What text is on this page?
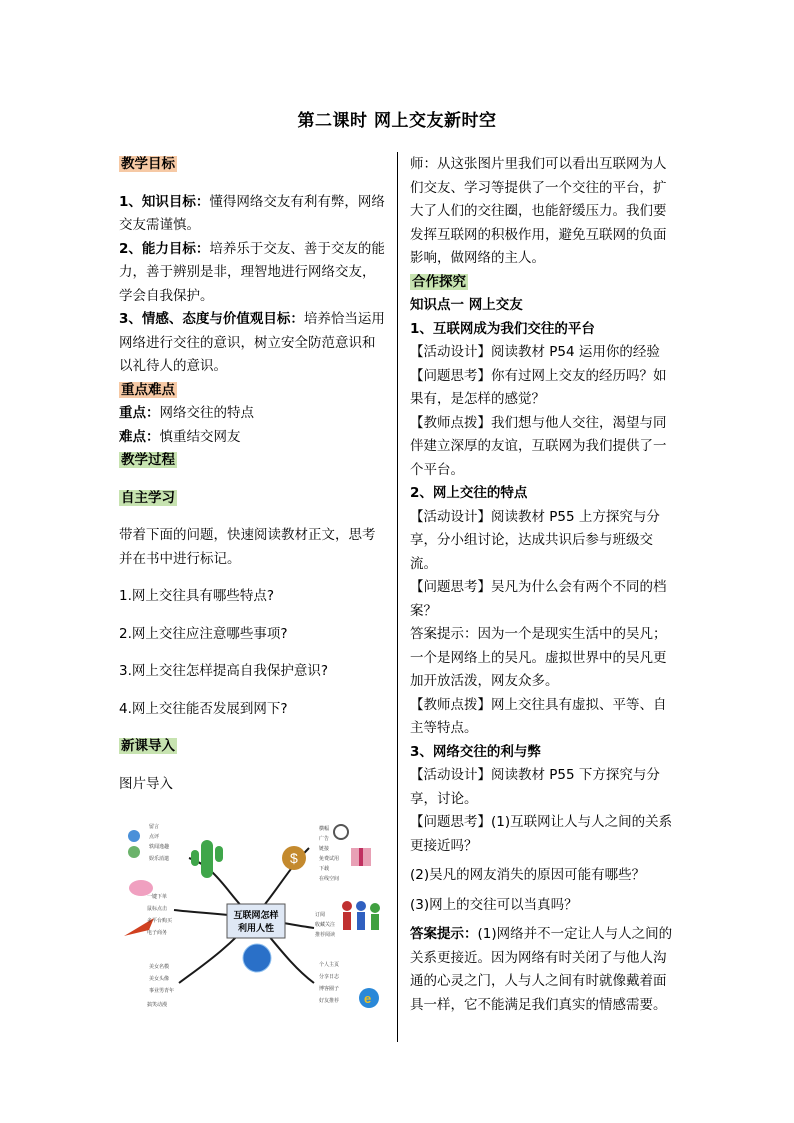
第二课时 网上交友新时空

教学目标

1、知识目标：懂得网络交友有利有弊，网络交友需谨慎。

2、能力目标：培养乐于交友、善于交友的能力，善于辨别是非，理智地进行网络交友，学会自我保护。

3、情感、态度与价值观目标：培养恰当运用网络进行交往的意识，树立安全防范意识和以礼待人的意识。

重点难点

重点：网络交往的特点

难点：慎重结交网友

教学过程

自主学习

带着下面的问题，快速阅读教材正文，思考并在书中进行标记。

1.网上交往具有哪些特点?

2.网上交往应注意哪些事项?

3.网上交往怎样提高自我保护意识?

4.网上交往能否发展到网下?

新课导入

图片导入

$
e
互联网怎样
利用人性
留言
点评
轶闻逸趣
娱乐消遣
一键下单
鼠标点击
多平台购买
电子商务
美女名模
美女头像
事业男青年
搞笑动漫
横幅
广告
链接
免费试用
下载
在线空间
订阅
收藏关注
推荐阅读
个人主页
分享日志
博客圈子
好友推荐

师：从这张图片里我们可以看出互联网为人们交友、学习等提供了一个交往的平台，扩大了人们的交往圈，也能舒缓压力。我们要发挥互联网的积极作用，避免互联网的负面影响，做网络的主人。

合作探究

知识点一 网上交友

1、互联网成为我们交往的平台

【活动设计】阅读教材 P54 运用你的经验

【问题思考】你有过网上交友的经历吗？如果有，是怎样的感觉？

【教师点拨】我们想与他人交往，渴望与同伴建立深厚的友谊，互联网为我们提供了一个平台。

2、网上交往的特点

【活动设计】阅读教材 P55 上方探究与分享，分小组讨论，达成共识后参与班级交流。

【问题思考】吴凡为什么会有两个不同的档案？

答案提示：因为一个是现实生活中的吴凡；一个是网络上的吴凡。虚拟世界中的吴凡更加开放活泼，网友众多。

【教师点拨】网上交往具有虚拟、平等、自主等特点。

3、网络交往的利与弊

【活动设计】阅读教材 P55 下方探究与分享，讨论。

【问题思考】(1)互联网让人与人之间的关系更接近吗？

(2)吴凡的网友消失的原因可能有哪些？

(3)网上的交往可以当真吗？

答案提示：(1)网络并不一定让人与人之间的关系更接近。因为网络有时关闭了与他人沟通的心灵之门，人与人之间有时就像戴着面具一样，它不能满足我们真实的情感需要。
